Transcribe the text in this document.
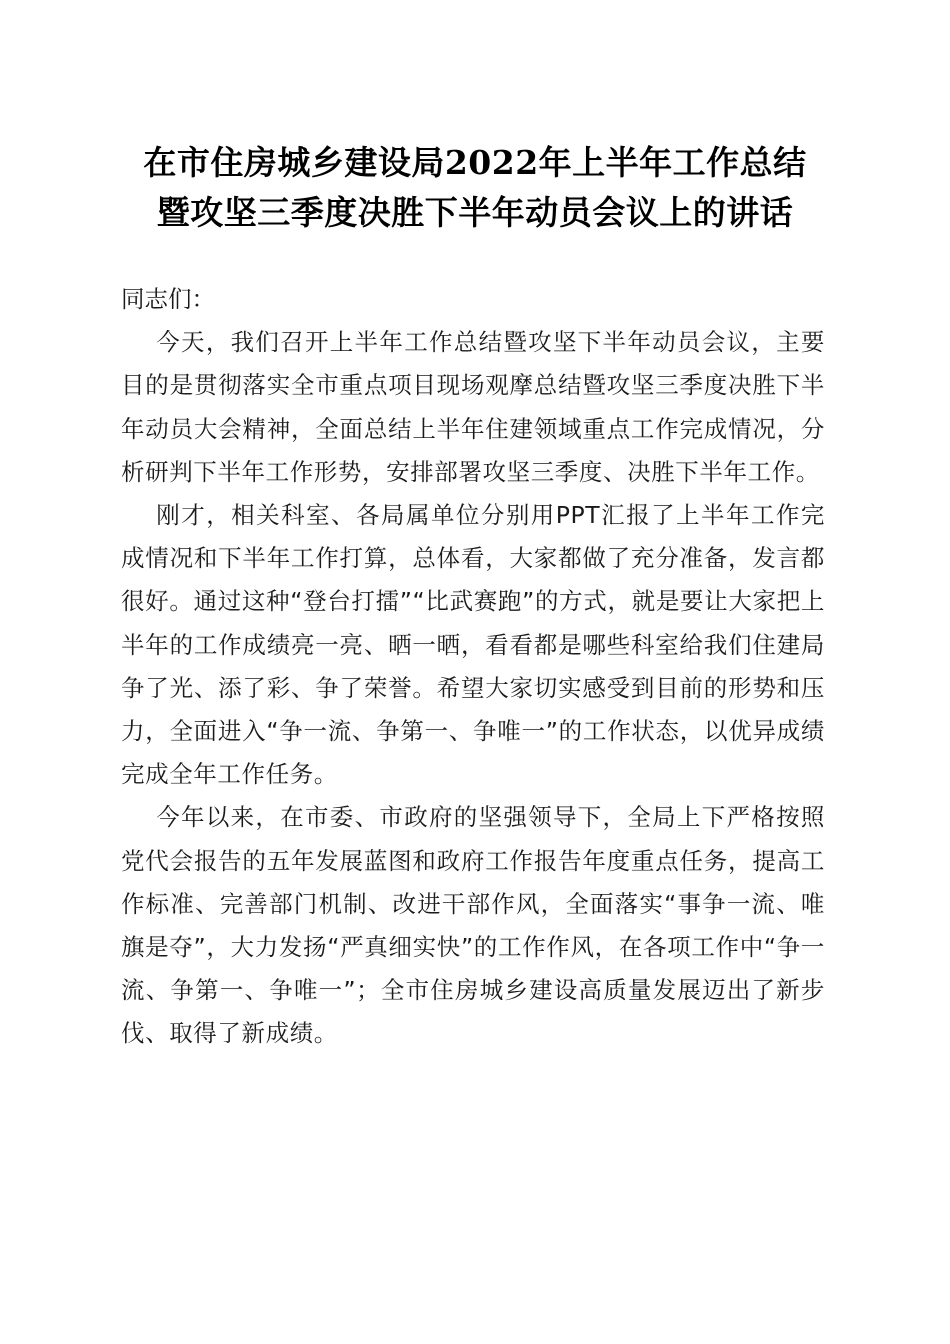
在市住房城乡建设局2022年上半年工作总结
暨攻坚三季度决胜下半年动员会议上的讲话

同志们：

今天，我们召开上半年工作总结暨攻坚下半年动员会议，主要目的是贯彻落实全市重点项目现场观摩总结暨攻坚三季度决胜下半年动员大会精神，全面总结上半年住建领域重点工作完成情况，分析研判下半年工作形势，安排部署攻坚三季度、决胜下半年工作。

刚才，相关科室、各局属单位分别用PPT汇报了上半年工作完成情况和下半年工作打算，总体看，大家都做了充分准备，发言都很好。通过这种“登台打擂”“比武赛跑”的方式，就是要让大家把上半年的工作成绩亮一亮、晒一晒，看看都是哪些科室给我们住建局争了光、添了彩、争了荣誉。希望大家切实感受到目前的形势和压力，全面进入“争一流、争第一、争唯一”的工作状态，以优异成绩完成全年工作任务。

今年以来，在市委、市政府的坚强领导下，全局上下严格按照党代会报告的五年发展蓝图和政府工作报告年度重点任务，提高工作标准、完善部门机制、改进干部作风，全面落实“事争一流、唯旗是夺”，大力发扬“严真细实快”的工作作风，在各项工作中“争一流、争第一、争唯一”；全市住房城乡建设高质量发展迈出了新步伐、取得了新成绩。
